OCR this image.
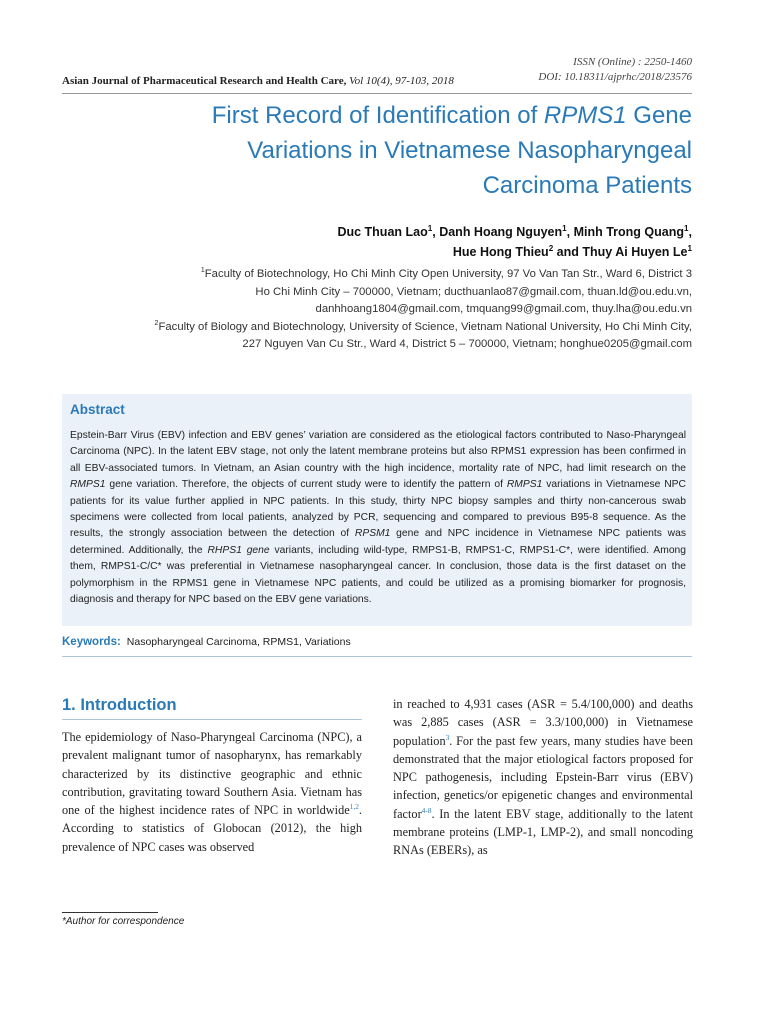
ISSN (Online) : 2250-1460
DOI: 10.18311/ajprhc/2018/23576
Asian Journal of Pharmaceutical Research and Health Care, Vol 10(4), 97-103, 2018
First Record of Identification of RPMS1 Gene
Variations in Vietnamese Nasopharyngeal
Carcinoma Patients
Duc Thuan Lao$^1$, Danh Hoang Nguyen$^1$, Minh Trong Quang$^1$,
Hue Hong Thieu$^2$ and Thuy Ai Huyen Le$^1$
$^1$Faculty of Biotechnology, Ho Chi Minh City Open University, 97 Vo Van Tan Str., Ward 6, District 3
Ho Chi Minh City – 700000, Vietnam; ducthuanlao87@gmail.com, thuan.ld@ou.edu.vn,
danhhoang1804@gmail.com, tmquang99@gmail.com, thuy.lha@ou.edu.vn
$^2$Faculty of Biology and Biotechnology, University of Science, Vietnam National University, Ho Chi Minh City,
227 Nguyen Van Cu Str., Ward 4, District 5 – 700000, Vietnam; honghue0205@gmail.com
Abstract
Epstein-Barr Virus (EBV) infection and EBV genes’ variation are considered as the etiological factors contributed to Naso-Pharyngeal Carcinoma (NPC). In the latent EBV stage, not only the latent membrane proteins but also RPMS1 expression has been confirmed in all EBV-associated tumors. In Vietnam, an Asian country with the high incidence, mortality rate of NPC, had limit research on the RMPS1 gene variation. Therefore, the objects of current study were to identify the pattern of RMPS1 variations in Vietnamese NPC patients for its value further applied in NPC patients. In this study, thirty NPC biopsy samples and thirty non-cancerous swab specimens were collected from local patients, analyzed by PCR, sequencing and compared to previous B95-8 sequence. As the results, the strongly association between the detection of RPSM1 gene and NPC incidence in Vietnamese NPC patients was determined. Additionally, the RHPS1 gene variants, including wild-type, RMPS1-B, RMPS1-C, RMPS1-C*, were identified. Among them, RMPS1-C/C* was preferential in Vietnamese nasopharyngeal cancer. In conclusion, those data is the first dataset on the polymorphism in the RPMS1 gene in Vietnamese NPC patients, and could be utilized as a promising biomarker for prognosis, diagnosis and therapy for NPC based on the EBV gene variations.
Keywords: Nasopharyngeal Carcinoma, RPMS1, Variations
1. Introduction
The epidemiology of Naso-Pharyngeal Carcinoma (NPC), a prevalent malignant tumor of nasopharynx, has remarkably characterized by its distinctive geographic and ethnic contribution, gravitating toward Southern Asia. Vietnam has one of the highest incidence rates of NPC in worldwide$^{1,2}$. According to statistics of Globocan (2012), the high prevalence of NPC cases was observed
in reached to 4,931 cases (ASR = 5.4/100,000) and deaths was 2,885 cases (ASR = 3.3/100,000) in Vietnamese population$^3$. For the past few years, many studies have been demonstrated that the major etiological factors proposed for NPC pathogenesis, including Epstein-Barr virus (EBV) infection, genetics/or epigenetic changes and environmental factor$^{4-8}$. In the latent EBV stage, additionally to the latent membrane proteins (LMP-1, LMP-2), and small noncoding RNAs (EBERs), as
*Author for correspondence
